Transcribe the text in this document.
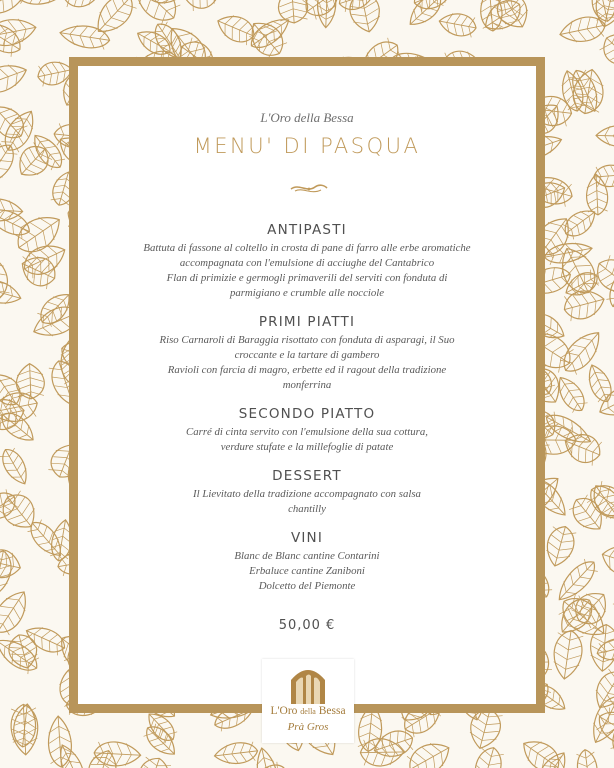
L'Oro della Bessa
MENU' DI PASQUA
ANTIPASTI
Battuta di fassone al coltello in crosta di pane di farro alle erbe aromatiche
accompagnata con l'emulsione di acciughe del Cantabrico
Flan di primizie e germogli primaverili del serviti con fonduta di
parmigiano e crumble alle nocciole
PRIMI PIATTI
Riso Carnaroli di Baraggia risottato con fonduta di asparagi, il Suo
croccante e la tartare di gambero
Ravioli con farcia di magro, erbette ed il ragout della tradizione
monferrina
SECONDO PIATTO
Carré di cinta servito con l'emulsione della sua cottura,
verdure stufate e la millefoglie di patate
DESSERT
Il Lievitato della tradizione accompagnato con salsa
chantilly
VINI
Blanc de Blanc cantine Contarini
Erbaluce cantine Zaniboni
Dolcetto del Piemonte
50,00 €
L'Oro della Bessa
Prà Gros
